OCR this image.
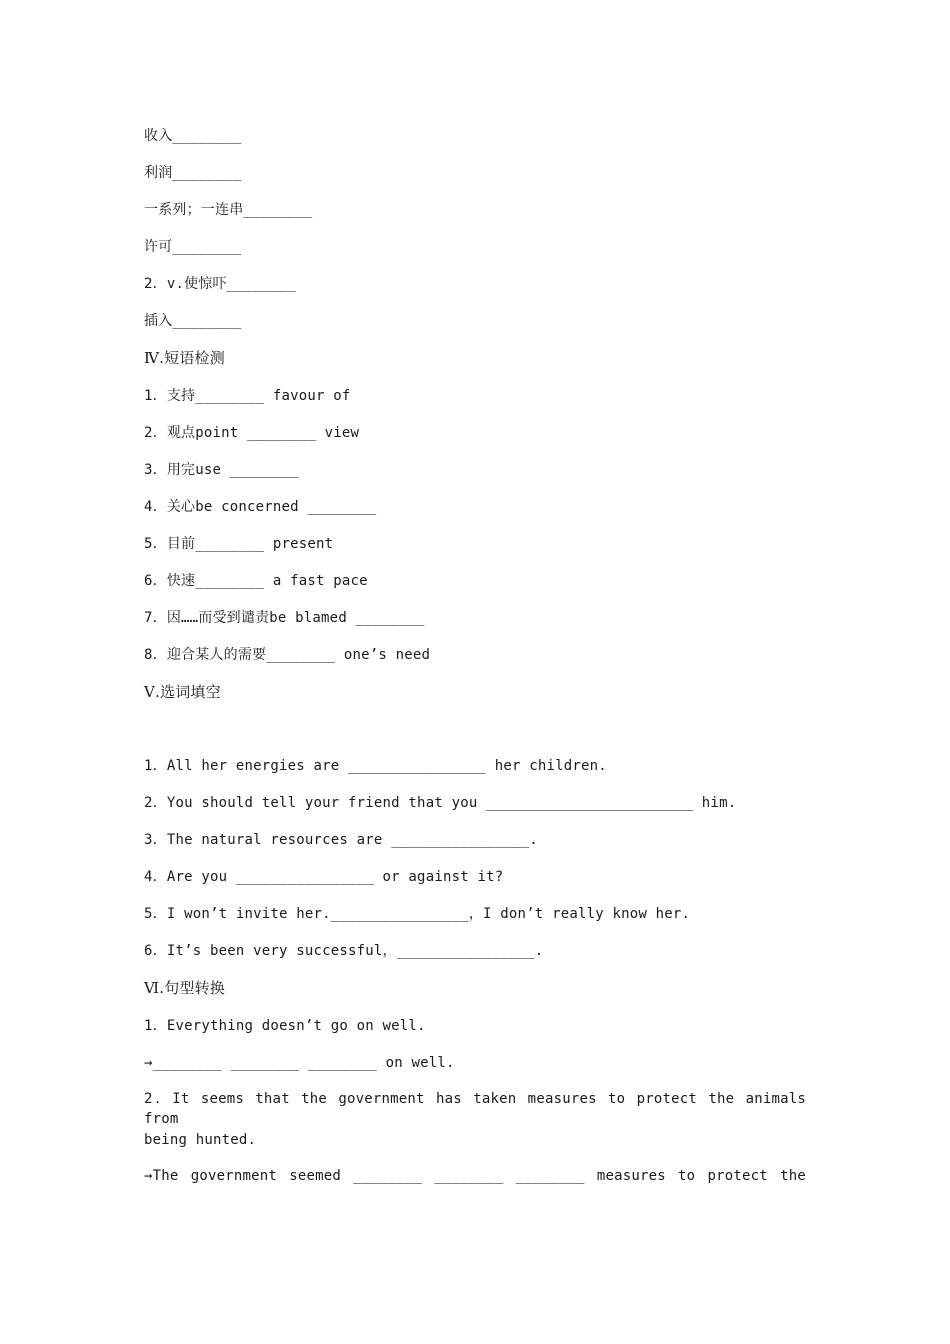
收入________
利润________
一系列；一连串________
许可________
2．v.使惊吓________
插入________
Ⅳ.短语检测
1．支持________ favour of
2．观点point ________ view
3．用完use ________
4．关心be concerned ________
5．目前________ present
6．快速________ a fast pace
7．因……而受到谴责be blamed ________
8．迎合某人的需要________ one’s need
Ⅴ.选词填空
1．All her energies are ________________ her children.
2．You should tell your friend that you ________________________ him.
3．The natural resources are ________________.
4．Are you ________________ or against it?
5．I won’t invite her.________________，I don’t really know her.
6．It’s been very successful，________________.
Ⅵ.句型转换
1．Everything doesn’t go on well.
→________ ________ ________ on well.
2．It seems that the government has taken measures to protect the animals from
being hunted.
→The government seemed ________ ________ ________ measures to protect the
